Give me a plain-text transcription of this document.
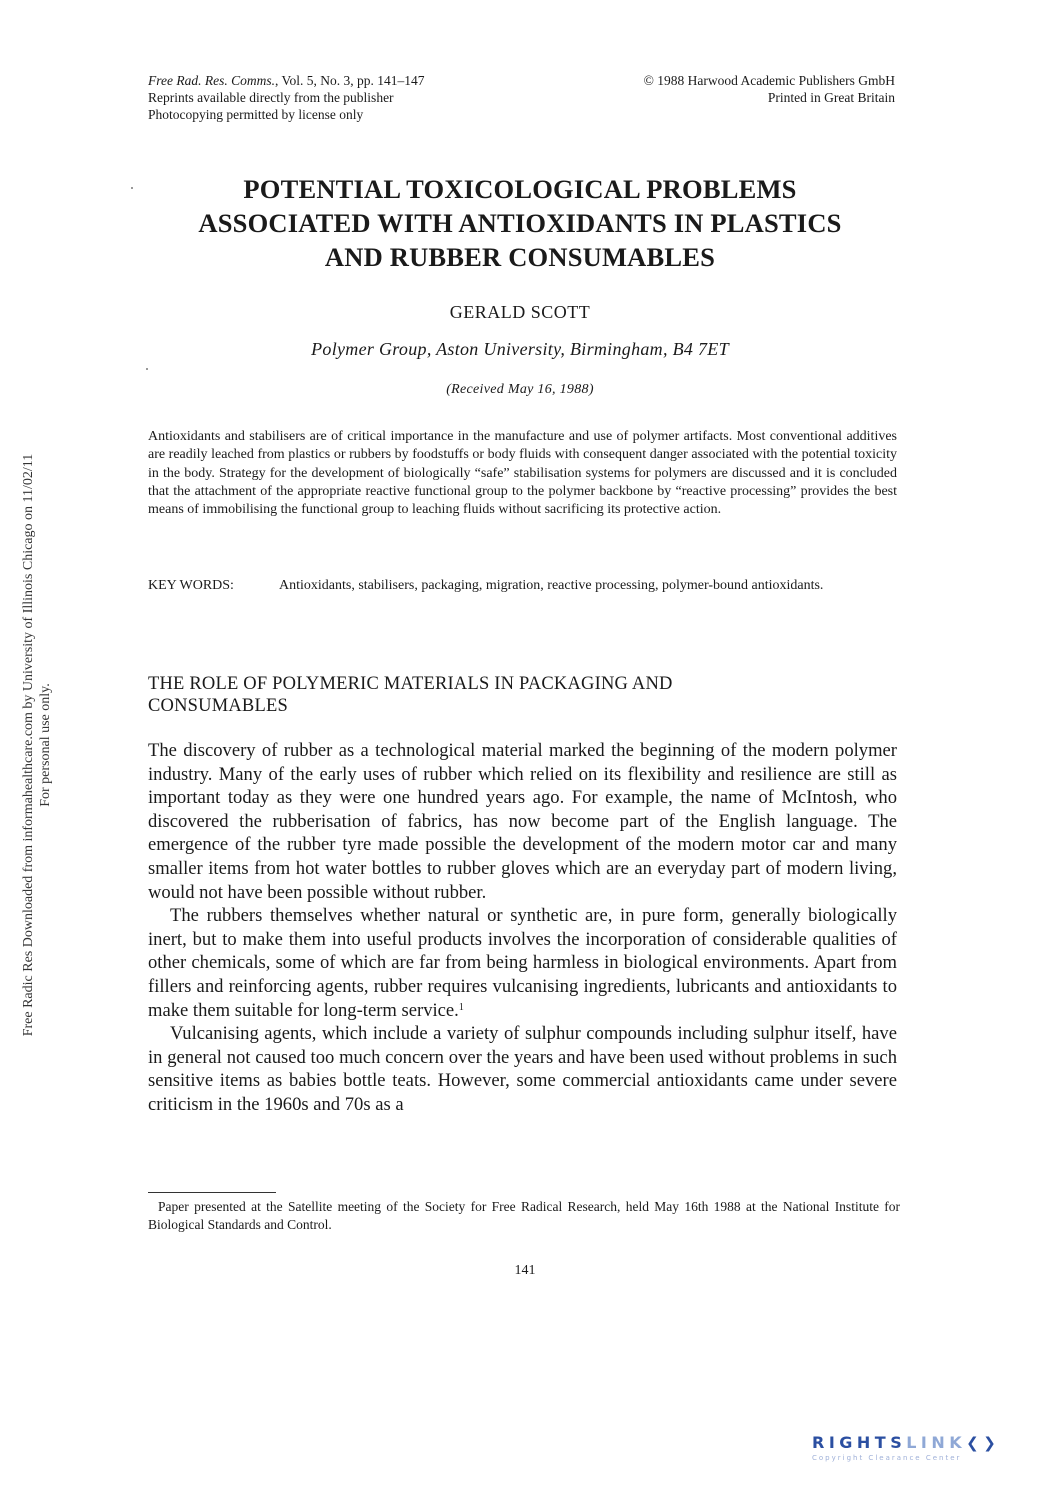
Free Rad. Res. Comms., Vol. 5, No. 3, pp. 141–147
Reprints available directly from the publisher
Photocopying permitted by license only
© 1988 Harwood Academic Publishers GmbH
Printed in Great Britain
POTENTIAL TOXICOLOGICAL PROBLEMS
ASSOCIATED WITH ANTIOXIDANTS IN PLASTICS
AND RUBBER CONSUMABLES
GERALD SCOTT
Polymer Group, Aston University, Birmingham, B4 7ET
(Received May 16, 1988)

Antioxidants and stabilisers are of critical importance in the manufacture and use of polymer artifacts. Most conventional additives are readily leached from plastics or rubbers by foodstuffs or body fluids with consequent danger associated with the potential toxicity in the body. Strategy for the development of biologically “safe” stabilisation systems for polymers are discussed and it is concluded that the attachment of the appropriate reactive functional group to the polymer backbone by “reactive processing” provides the best means of immobilising the functional group to leaching fluids without sacrificing its protective action.

KEY WORDS:	Antioxidants, stabilisers, packaging, migration, reactive processing, polymer-bound antioxidants.
THE ROLE OF POLYMERIC MATERIALS IN PACKAGING AND
CONSUMABLES

The discovery of rubber as a technological material marked the beginning of the modern polymer industry. Many of the early uses of rubber which relied on its flexibility and resilience are still as important today as they were one hundred years ago. For example, the name of McIntosh, who discovered the rubberisation of fabrics, has now become part of the English language. The emergence of the rubber tyre made possible the development of the modern motor car and many smaller items from hot water bottles to rubber gloves which are an everyday part of modern living, would not have been possible without rubber.

The rubbers themselves whether natural or synthetic are, in pure form, generally biologically inert, but to make them into useful products involves the incorporation of considerable qualities of other chemicals, some of which are far from being harmless in biological environments. Apart from fillers and reinforcing agents, rubber requires vulcanising ingredients, lubricants and antioxidants to make them suitable for long-term service.$^1$

Vulcanising agents, which include a variety of sulphur compounds including sulphur itself, have in general not caused too much concern over the years and have been used without problems in such sensitive items as babies bottle teats. However, some commercial antioxidants came under severe criticism in the 1960s and 70s as a

Paper presented at the Satellite meeting of the Society for Free Radical Research, held May 16th 1988 at the National Institute for Biological Standards and Control.
141
Free Radic Res Downloaded from informahealthcare.com by University of Illinois Chicago on 11/02/11 For personal use only.
RIGHTSLINK❮❯
Copyright Clearance Center
